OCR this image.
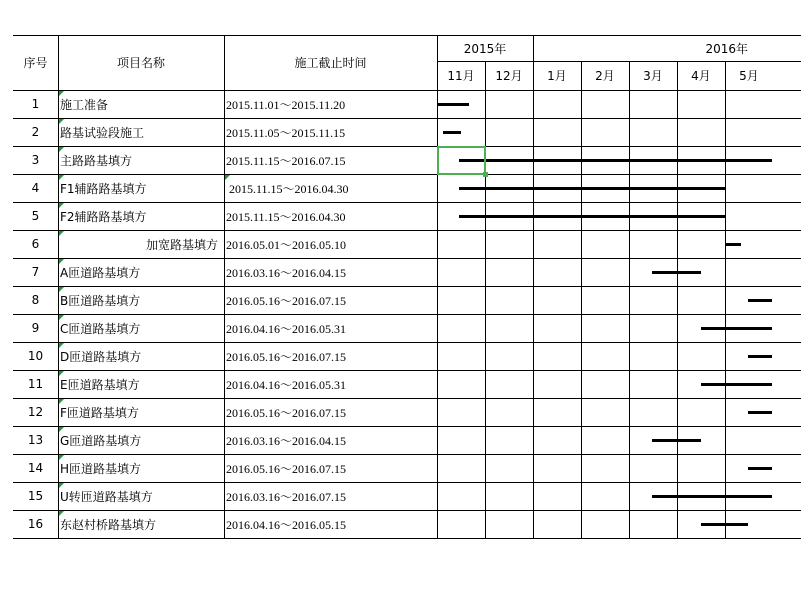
序号	项目名称	施工截止时间
2015年	2016年
11月	12月	1月	2月	3月	4月	5月
1	施工准备	2015.11.01～2015.11.20
2	路基试验段施工	2015.11.05～2015.11.15
3	主路路基填方	2015.11.15～2016.07.15
4	F1辅路路基填方	2015.11.15～2016.04.30
5	F2辅路路基填方	2015.11.15～2016.04.30
6	加宽路基填方 2016.05.01～2016.05.10
7	A匝道路基填方	2016.03.16～2016.04.15
8	B匝道路基填方	2016.05.16～2016.07.15
9	C匝道路基填方	2016.04.16～2016.05.31
10	D匝道路基填方	2016.05.16～2016.07.15
11	E匝道路基填方	2016.04.16～2016.05.31
12	F匝道路基填方	2016.05.16～2016.07.15
13	G匝道路基填方	2016.03.16～2016.04.15
14	H匝道路基填方	2016.05.16～2016.07.15
15	U转匝道路基填方	2016.03.16～2016.07.15
16	东赵村桥路基填方	2016.04.16～2016.05.15
